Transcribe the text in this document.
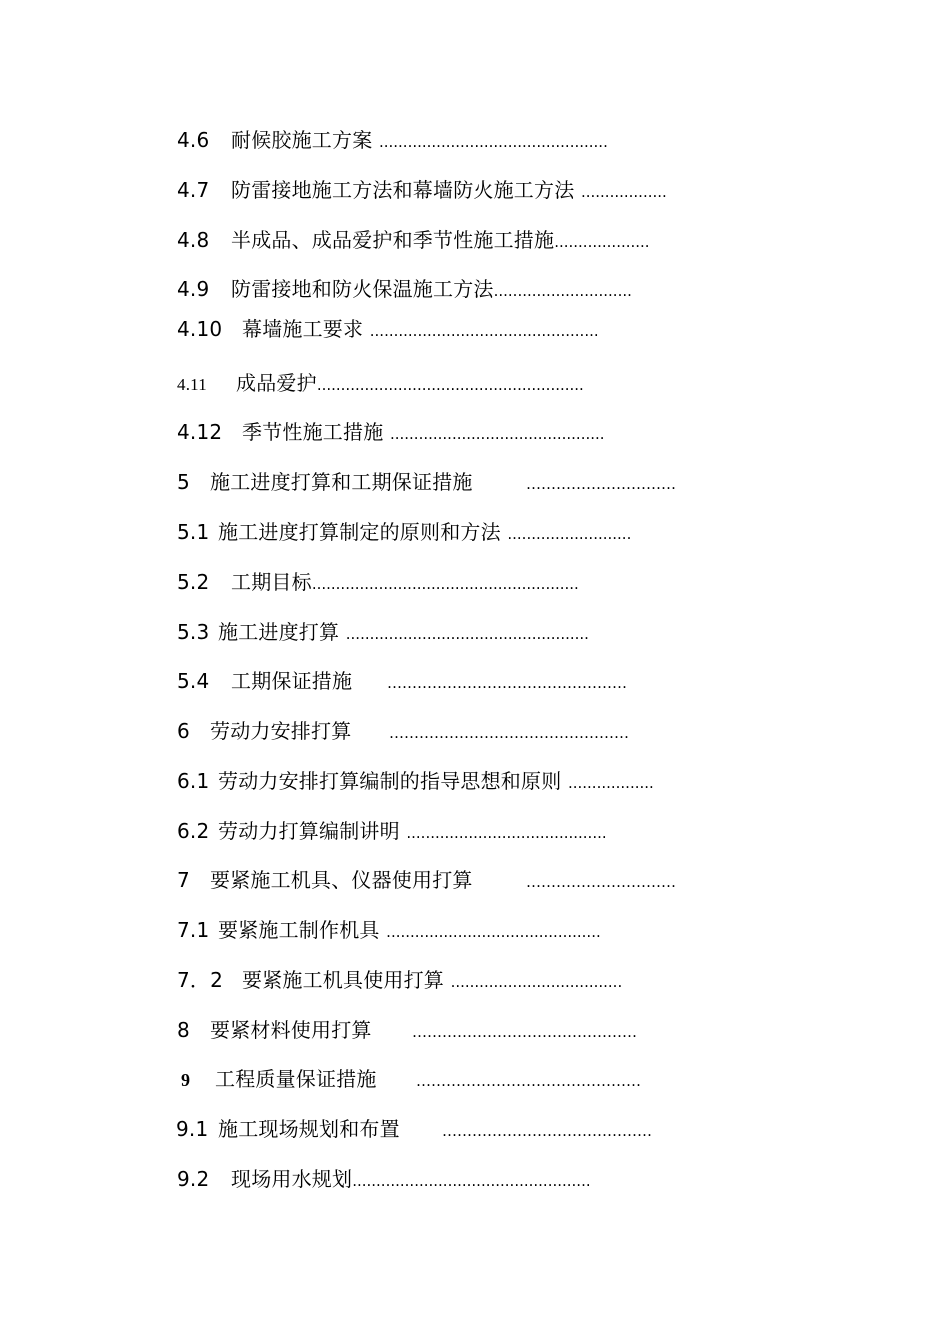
4.6 耐候胶施工方案 ................................................
4.7 防雷接地施工方法和幕墙防火施工方法 ..................
4.8 半成品、成品爱护和季节性施工措施....................
4.9 防雷接地和防火保温施工方法.............................
4.10 幕墙施工要求 ................................................
4.11 成品爱护........................................................
4.12 季节性施工措施 .............................................
5 施工进度打算和工期保证措施	…………………………
5.1 施工进度打算制定的原则和方法 ..........................
5.2 工期目标........................................................
5.3 施工进度打算 ...................................................
5.4 工期保证措施 …………………………………………
6 劳动力安排打算	…………………………………………
6.1 劳动力安排打算编制的指导思想和原则 ..................
6.2 劳动力打算编制讲明 ..........................................
7 要紧施工机具、仪器使用打算	…………………………
7.1 要紧施工制作机具 .............................................
7．2 要紧施工机具使用打算 ....................................
8 要紧材料使用打算	………………………………………
9 工程质量保证措施	………………………………………
9.1 施工现场规划和布置	……………………………………
9.2 现场用水规划..................................................
